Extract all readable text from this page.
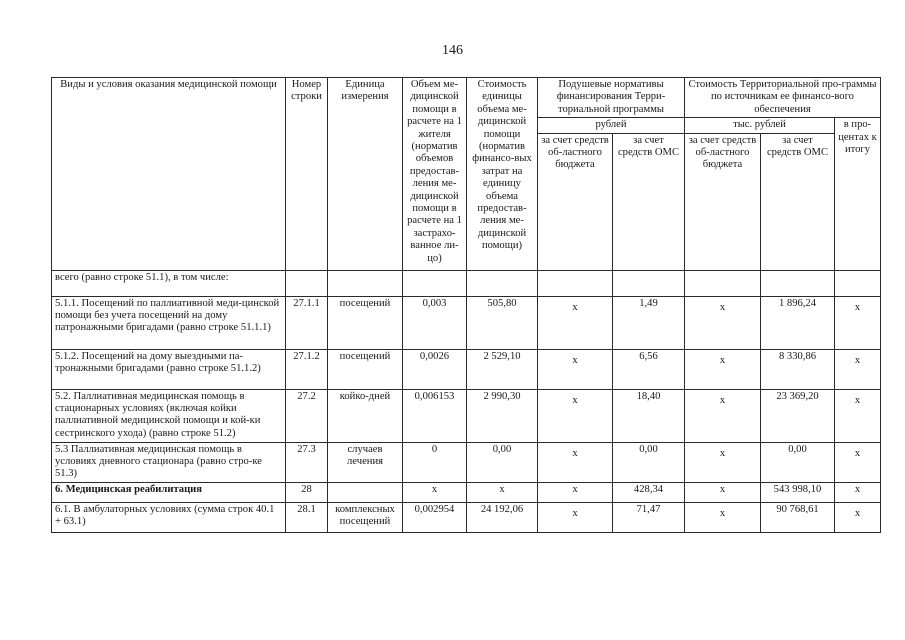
146
Виды и условия оказания медицинской помощи	Номер строки	Единица измерения	Объем ме-дицинской помощи в расчете на 1 жителя (норматив объемов предостав-ления ме-дицинской помощи в расчете на 1 застрахо-ванное ли-цо)	Стоимость единицы объема ме-дицинской помощи (норматив финансо-вых затрат на единицу объема предостав-ления ме-дицинской помощи)	Подушевые нормативы финансирования Терри-ториальной программы		Стоимость Территориальной про-граммы по источникам ее финансо-вого обеспечения		
					рублей		тыс. рублей		в про-центах к итогу
					за счет средств об-ластного бюджета	за счет средств ОМС	за счет средств об-ластного бюджета	за счет средств ОМС	
всего (равно строке 51.1), в том числе:									
5.1.1. Посещений по паллиативной меди-цинской помощи без учета посещений на дому патронажными бригадами (равно строке 51.1.1)	27.1.1	посещений	0,003	505,80	х	1,49	х	1 896,24	х
5.1.2. Посещений на дому выездными па-тронажными бригадами (равно строке 51.1.2)	27.1.2	посещений	0,0026	2 529,10	х	6,56	х	8 330,86	х
5.2. Паллиативная медицинская помощь в стационарных условиях (включая койки паллиативной медицинской помощи и кой-ки сестринского ухода) (равно строке 51.2)	27.2	койко-дней	0,006153	2 990,30	х	18,40	х	23 369,20	х
5.3 Паллиативная медицинская помощь в условиях дневного стационара (равно стро-ке 51.3)	27.3	случаев лечения	0	0,00	х	0,00	х	0,00	х
6. Медицинская реабилитация	28		х	х	х	428,34	х	543 998,10	х
6.1. В амбулаторных условиях (сумма строк 40.1 + 63.1)	28.1	комплексных посещений	0,002954	24 192,06	х	71,47	х	90 768,61	х
